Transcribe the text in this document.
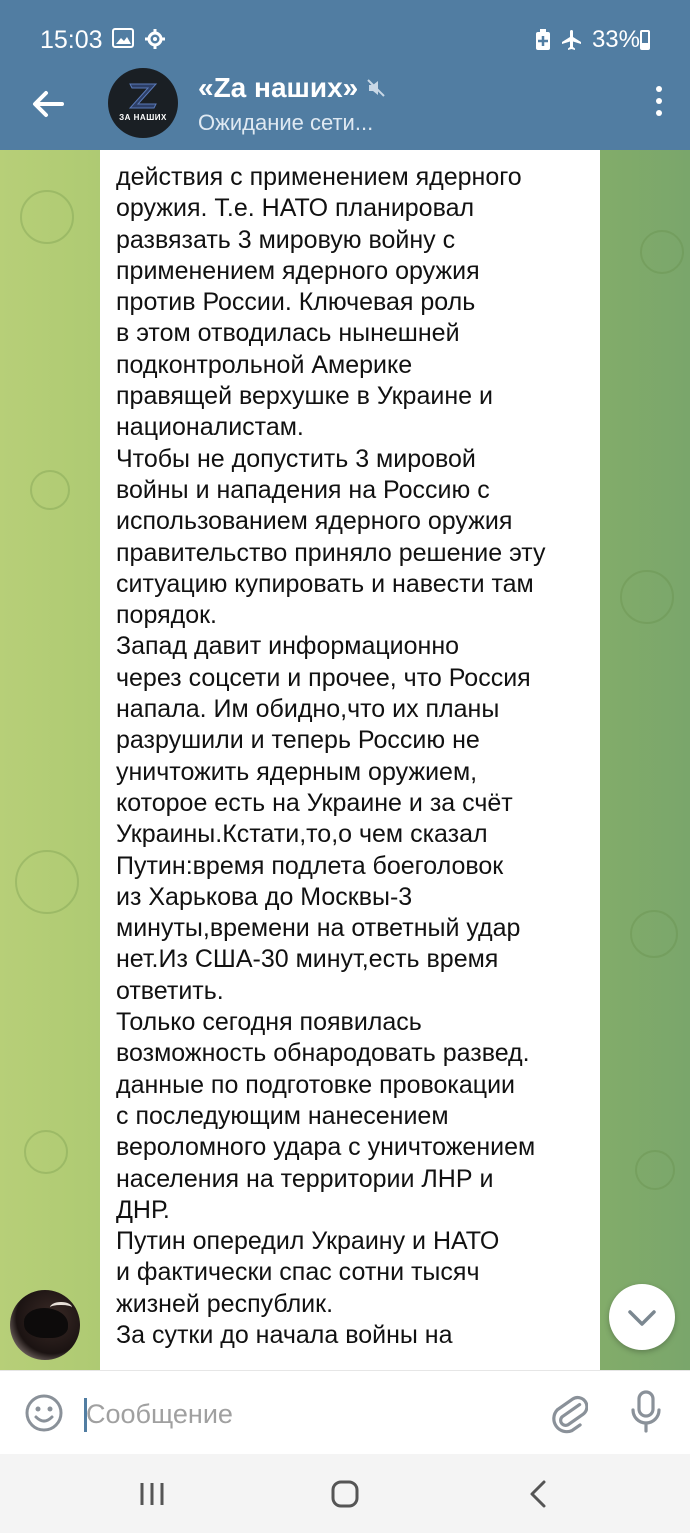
15:03	33%
ЗА НАШИХ
«Zа наших»
Ожидание сети...
действия с применением ядерного
оружия. Т.е. НАТО планировал
развязать 3 мировую войну с
применением ядерного оружия
против России. Ключевая роль
в этом отводилась нынешней
подконтрольной Америке
правящей верхушке в Украине и
националистам.
Чтобы не допустить 3 мировой
войны и нападения на Россию с
использованием ядерного оружия
правительство приняло решение эту
ситуацию купировать и навести там
порядок.
Запад давит информационно
через соцсети и прочее, что Россия
напала. Им обидно,что их планы
разрушили и теперь Россию не
уничтожить ядерным оружием,
которое есть на Украине и за счёт
Украины.Кстати,то,о чем сказал
Путин:время подлета боеголовок
из Харькова до Москвы-3
минуты,времени на ответный удар
нет.Из США-30 минут,есть время
ответить.
Только сегодня появилась
возможность обнародовать развед.
данные по подготовке провокации
с последующим нанесением
вероломного удара с уничтожением
населения на территории ЛНР и
ДНР.
Путин опередил Украину и НАТО
и фактически спас сотни тысяч
жизней республик.
За сутки до начала войны на
Сообщение
